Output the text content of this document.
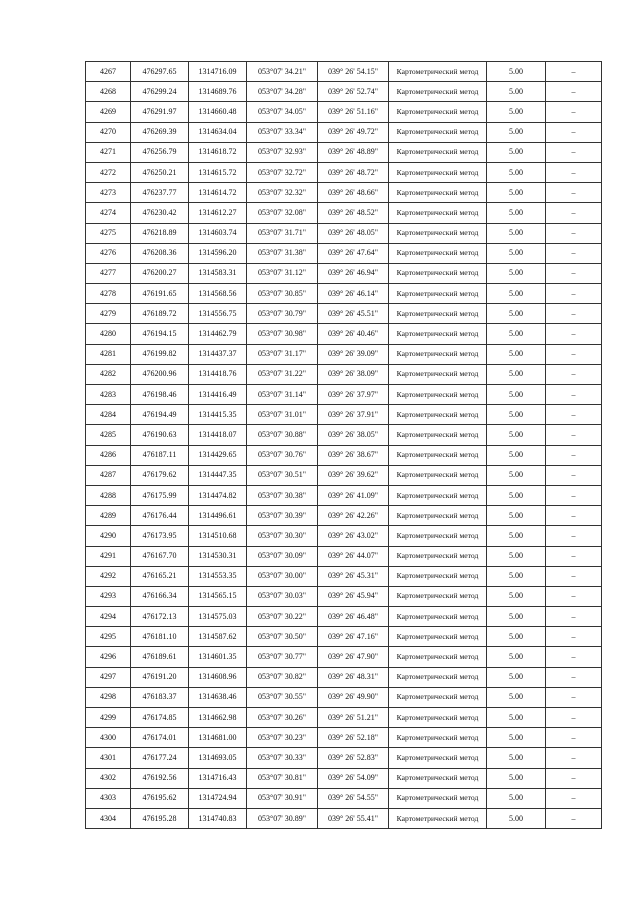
4267	476297.65	1314716.09	053°07' 34.21"	039° 26' 54.15"	Картометрический метод	5.00	–
4268	476299.24	1314689.76	053°07' 34.28"	039° 26' 52.74"	Картометрический метод	5.00	–
4269	476291.97	1314660.48	053°07' 34.05"	039° 26' 51.16"	Картометрический метод	5.00	–
4270	476269.39	1314634.04	053°07' 33.34"	039° 26' 49.72"	Картометрический метод	5.00	–
4271	476256.79	1314618.72	053°07' 32.93"	039° 26' 48.89"	Картометрический метод	5.00	–
4272	476250.21	1314615.72	053°07' 32.72"	039° 26' 48.72"	Картометрический метод	5.00	–
4273	476237.77	1314614.72	053°07' 32.32"	039° 26' 48.66"	Картометрический метод	5.00	–
4274	476230.42	1314612.27	053°07' 32.08"	039° 26' 48.52"	Картометрический метод	5.00	–
4275	476218.89	1314603.74	053°07' 31.71"	039° 26' 48.05"	Картометрический метод	5.00	–
4276	476208.36	1314596.20	053°07' 31.38"	039° 26' 47.64"	Картометрический метод	5.00	–
4277	476200.27	1314583.31	053°07' 31.12"	039° 26' 46.94"	Картометрический метод	5.00	–
4278	476191.65	1314568.56	053°07' 30.85"	039° 26' 46.14"	Картометрический метод	5.00	–
4279	476189.72	1314556.75	053°07' 30.79"	039° 26' 45.51"	Картометрический метод	5.00	–
4280	476194.15	1314462.79	053°07' 30.98"	039° 26' 40.46"	Картометрический метод	5.00	–
4281	476199.82	1314437.37	053°07' 31.17"	039° 26' 39.09"	Картометрический метод	5.00	–
4282	476200.96	1314418.76	053°07' 31.22"	039° 26' 38.09"	Картометрический метод	5.00	–
4283	476198.46	1314416.49	053°07' 31.14"	039° 26' 37.97"	Картометрический метод	5.00	–
4284	476194.49	1314415.35	053°07' 31.01"	039° 26' 37.91"	Картометрический метод	5.00	–
4285	476190.63	1314418.07	053°07' 30.88"	039° 26' 38.05"	Картометрический метод	5.00	–
4286	476187.11	1314429.65	053°07' 30.76"	039° 26' 38.67"	Картометрический метод	5.00	–
4287	476179.62	1314447.35	053°07' 30.51"	039° 26' 39.62"	Картометрический метод	5.00	–
4288	476175.99	1314474.82	053°07' 30.38"	039° 26' 41.09"	Картометрический метод	5.00	–
4289	476176.44	1314496.61	053°07' 30.39"	039° 26' 42.26"	Картометрический метод	5.00	–
4290	476173.95	1314510.68	053°07' 30.30"	039° 26' 43.02"	Картометрический метод	5.00	–
4291	476167.70	1314530.31	053°07' 30.09"	039° 26' 44.07"	Картометрический метод	5.00	–
4292	476165.21	1314553.35	053°07' 30.00"	039° 26' 45.31"	Картометрический метод	5.00	–
4293	476166.34	1314565.15	053°07' 30.03"	039° 26' 45.94"	Картометрический метод	5.00	–
4294	476172.13	1314575.03	053°07' 30.22"	039° 26' 46.48"	Картометрический метод	5.00	–
4295	476181.10	1314587.62	053°07' 30.50"	039° 26' 47.16"	Картометрический метод	5.00	–
4296	476189.61	1314601.35	053°07' 30.77"	039° 26' 47.90"	Картометрический метод	5.00	–
4297	476191.20	1314608.96	053°07' 30.82"	039° 26' 48.31"	Картометрический метод	5.00	–
4298	476183.37	1314638.46	053°07' 30.55"	039° 26' 49.90"	Картометрический метод	5.00	–
4299	476174.85	1314662.98	053°07' 30.26"	039° 26' 51.21"	Картометрический метод	5.00	–
4300	476174.01	1314681.00	053°07' 30.23"	039° 26' 52.18"	Картометрический метод	5.00	–
4301	476177.24	1314693.05	053°07' 30.33"	039° 26' 52.83"	Картометрический метод	5.00	–
4302	476192.56	1314716.43	053°07' 30.81"	039° 26' 54.09"	Картометрический метод	5.00	–
4303	476195.62	1314724.94	053°07' 30.91"	039° 26' 54.55"	Картометрический метод	5.00	–
4304	476195.28	1314740.83	053°07' 30.89"	039° 26' 55.41"	Картометрический метод	5.00	–
